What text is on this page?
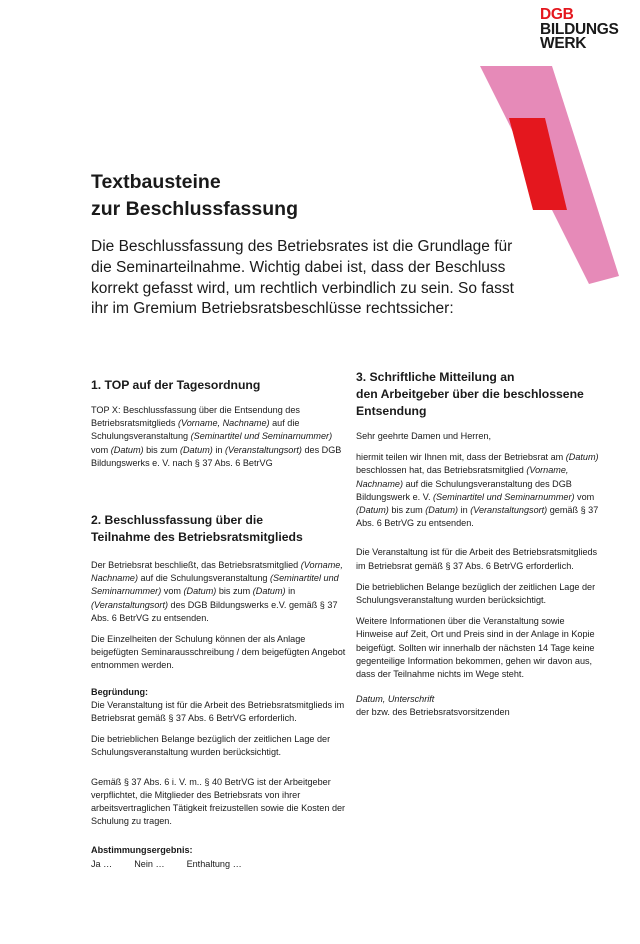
DGB
BILDUNGS
WERK
Textbausteine
zur Beschlussfassung
Die Beschlussfassung des Betriebsrates ist die Grundlage für die Seminarteilnahme. Wichtig dabei ist, dass der Beschluss korrekt gefasst wird, um rechtlich verbindlich zu sein. So fasst ihr im Gremium Betriebsratsbeschlüsse rechtssicher:
1. TOP auf der Tagesordnung

TOP X: Beschlussfassung über die Entsendung des Betriebsratsmitglieds (Vorname, Nachname) auf die Schulungsveranstaltung (Seminartitel und Seminarnummer) vom (Datum) bis zum (Datum) in (Veranstaltungsort) des DGB Bildungswerks e. V. nach § 37 Abs. 6 BetrVG

2. Beschlussfassung über die
Teilnahme des Betriebsratsmitglieds

Der Betriebsrat beschließt, das Betriebsratsmitglied (Vorname, Nachname) auf die Schulungsveranstaltung (Seminartitel und Seminarnummer) vom (Datum) bis zum (Datum) in (Veranstaltungsort) des DGB Bildungswerks e.V. gemäß § 37 Abs. 6 BetrVG zu entsenden.

Die Einzelheiten der Schulung können der als Anlage beigefügten Seminarausschreibung / dem beigefügten Angebot entnommen werden.

Begründung:

Die Veranstaltung ist für die Arbeit des Betriebsratsmitglieds im Betriebsrat gemäß § 37 Abs. 6 BetrVG erforderlich.

Die betrieblichen Belange bezüglich der zeitlichen Lage der Schulungsveranstaltung wurden berücksichtigt.

Gemäß § 37 Abs. 6 i. V. m.. § 40 BetrVG ist der Arbeitgeber verpflichtet, die Mitglieder des Betriebsrats von ihrer arbeitsvertraglichen Tätigkeit freizustellen sowie die Kosten der Schulung zu tragen.

Abstimmungsergebnis:

Ja … Nein … Enthaltung …

3. Schriftliche Mitteilung an
den Arbeitgeber über die beschlossene
Entsendung

Sehr geehrte Damen und Herren,

hiermit teilen wir Ihnen mit, dass der Betriebsrat am (Datum) beschlossen hat, das Betriebsratsmitglied (Vorname, Nachname) auf die Schulungsveranstaltung des DGB Bildungswerk e. V. (Seminartitel und Seminarnummer) vom (Datum) bis zum (Datum) in (Veranstaltungsort) gemäß § 37 Abs. 6 BetrVG zu entsenden.

Die Veranstaltung ist für die Arbeit des Betriebsratsmitglieds im Betriebsrat gemäß § 37 Abs. 6 BetrVG erforderlich.

Die betrieblichen Belange bezüglich der zeitlichen Lage der Schulungsveranstaltung wurden berücksichtigt.

Weitere Informationen über die Veranstaltung sowie Hinweise auf Zeit, Ort und Preis sind in der Anlage in Kopie beigefügt. Sollten wir innerhalb der nächsten 14 Tage keine gegenteilige Information bekommen, gehen wir davon aus, dass der Teilnahme nichts im Wege steht.

Datum, Unterschrift

der bzw. des Betriebsratsvorsitzenden
